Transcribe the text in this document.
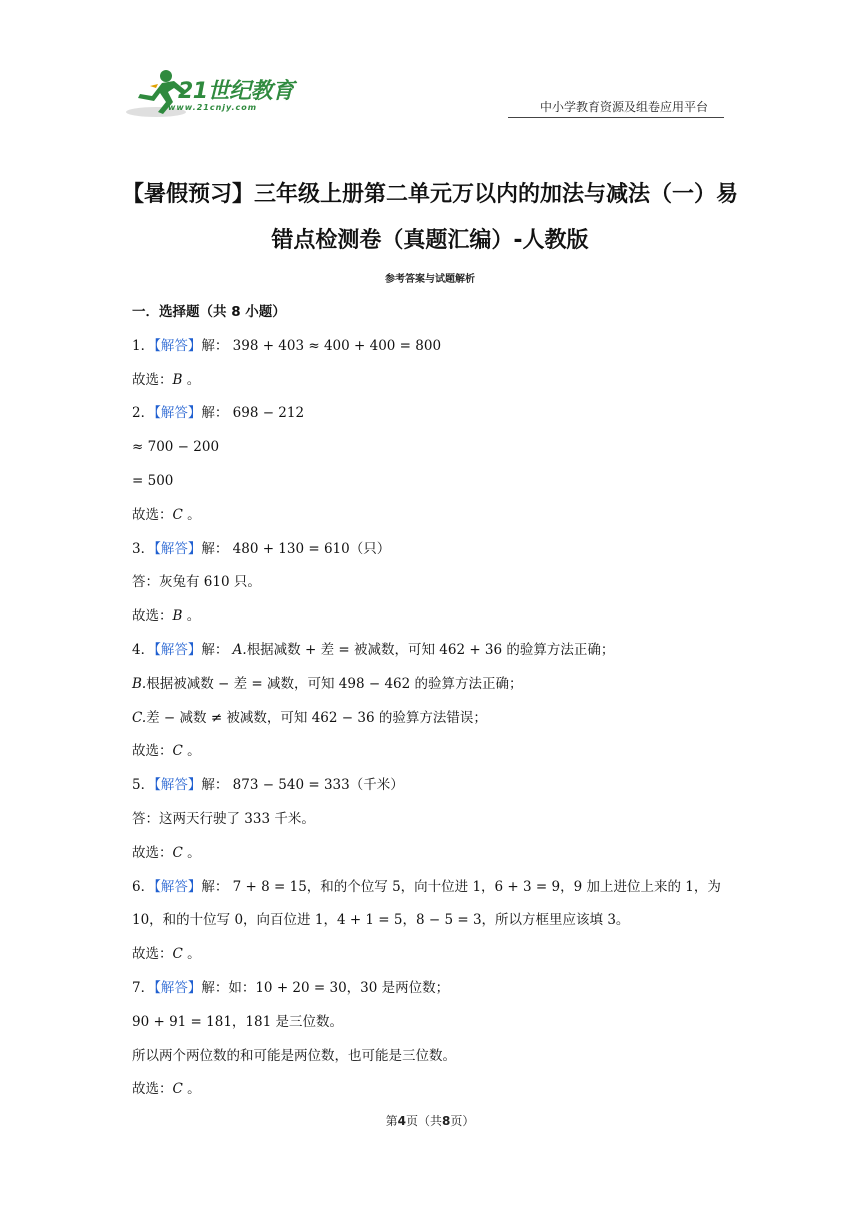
21世纪教育
www.21cnjy.com	中小学教育资源及组卷应用平台
【暑假预习】三年级上册第二单元万以内的加法与减法（一）易
错点检测卷（真题汇编）-人教版
参考答案与试题解析
一．选择题（共 8 小题）
1．【解答】解： 398 + 403 ≈ 400 + 400 = 800
故选：B 。
2．【解答】解： 698 − 212
≈ 700 − 200
= 500
故选：C 。
3．【解答】解： 480 + 130 = 610（只）
答：灰兔有 610 只。
故选：B 。
4．【解答】解： A.根据减数 + 差 = 被减数，可知 462 + 36 的验算方法正确；
B.根据被减数 − 差 = 减数，可知 498 − 462 的验算方法正确；
C.差 − 减数 ≠ 被减数，可知 462 − 36 的验算方法错误；
故选：C 。
5．【解答】解： 873 − 540 = 333（千米）
答：这两天行驶了 333 千米。
故选：C 。
6．【解答】解： 7 + 8 = 15，和的个位写 5，向十位进 1，6 + 3 = 9，9 加上进位上来的 1，为
10，和的十位写 0，向百位进 1，4 + 1 = 5，8 − 5 = 3，所以方框里应该填 3。
故选：C 。
7．【解答】解：如：10 + 20 = 30，30 是两位数；
90 + 91 = 181，181 是三位数。
所以两个两位数的和可能是两位数，也可能是三位数。
故选：C 。
第4页（共8页）
